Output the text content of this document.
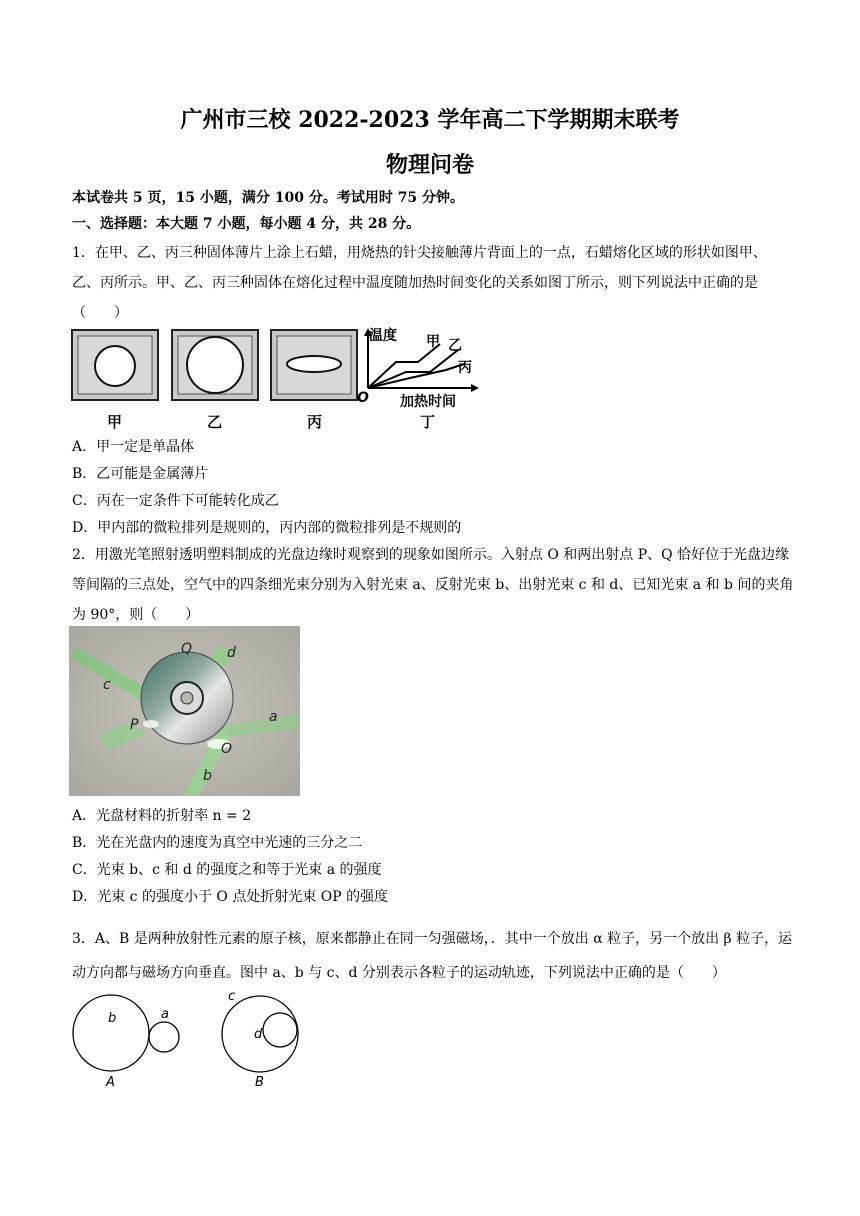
广州市三校 2022-2023 学年高二下学期期末联考
物理问卷
本试卷共 5 页，15 小题，满分 100 分。考试用时 75 分钟。
一、选择题：本大题 7 小题，每小题 4 分，共 28 分。
1．在甲、乙、丙三种固体薄片上涂上石蜡，用烧热的针尖接触薄片背面上的一点，石蜡熔化区域的形状如图甲、乙、丙所示。甲、乙、丙三种固体在熔化过程中温度随加热时间变化的关系如图丁所示，则下列说法中正确的是（　　）
O
温度
加热时间
甲 乙
丙
甲	乙	丙	丁
A．甲一定是单晶体
B．乙可能是金属薄片
C．丙在一定条件下可能转化成乙
D．甲内部的微粒排列是规则的，丙内部的微粒排列是不规则的
2．用激光笔照射透明塑料制成的光盘边缘时观察到的现象如图所示。入射点 O 和两出射点 P、Q 恰好位于光盘边缘等间隔的三点处，空气中的四条细光束分别为入射光束 a、反射光束 b、出射光束 c 和 d、已知光束 a 和 b 间的夹角为 90°，则（　　）
Q d
c
P	a
O
b
A．光盘材料的折射率 n = 2
B．光在光盘内的速度为真空中光速的三分之二
C．光束 b、c 和 d 的强度之和等于光束 a 的强度
D．光束 c 的强度小于 O 点处折射光束 OP 的强度
3．A、B 是两种放射性元素的原子核，原来都静止在同一匀强磁场，．其中一个放出 α 粒子，另一个放出 β 粒子，运动方向都与磁场方向垂直。图中 a、b 与 c、d 分别表示各粒子的运动轨迹，下列说法中正确的是（　　）
b	a
A
c
d
B
